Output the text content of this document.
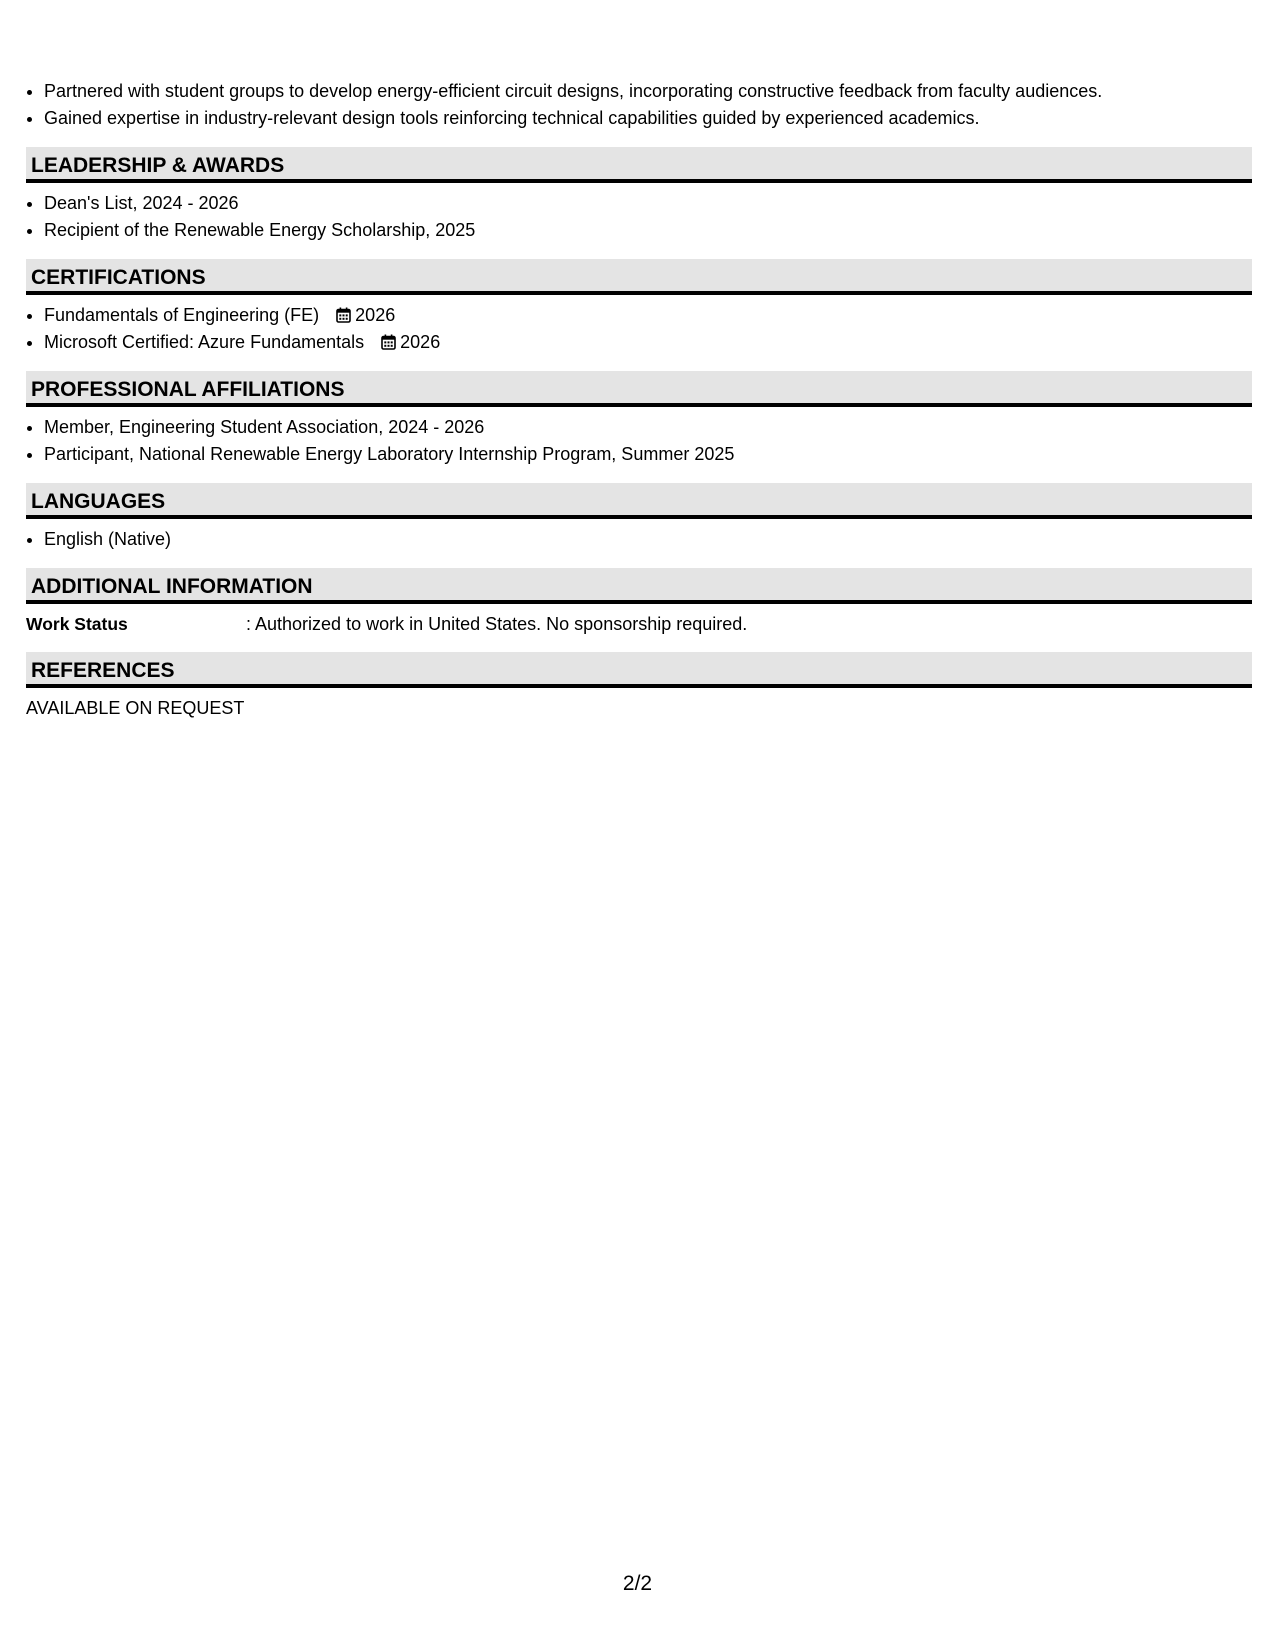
• Partnered with student groups to develop energy-efficient circuit designs, incorporating constructive feedback from faculty audiences.
• Gained expertise in industry-relevant design tools reinforcing technical capabilities guided by experienced academics.
LEADERSHIP & AWARDS
• Dean's List, 2024 - 2026
• Recipient of the Renewable Energy Scholarship, 2025
CERTIFICATIONS
• Fundamentals of Engineering (FE) 2026
• Microsoft Certified: Azure Fundamentals 2026
PROFESSIONAL AFFILIATIONS
• Member, Engineering Student Association, 2024 - 2026
• Participant, National Renewable Energy Laboratory Internship Program, Summer 2025
LANGUAGES
• English (Native)
ADDITIONAL INFORMATION
Work Status	: Authorized to work in United States. No sponsorship required.
REFERENCES
AVAILABLE ON REQUEST
2/2
